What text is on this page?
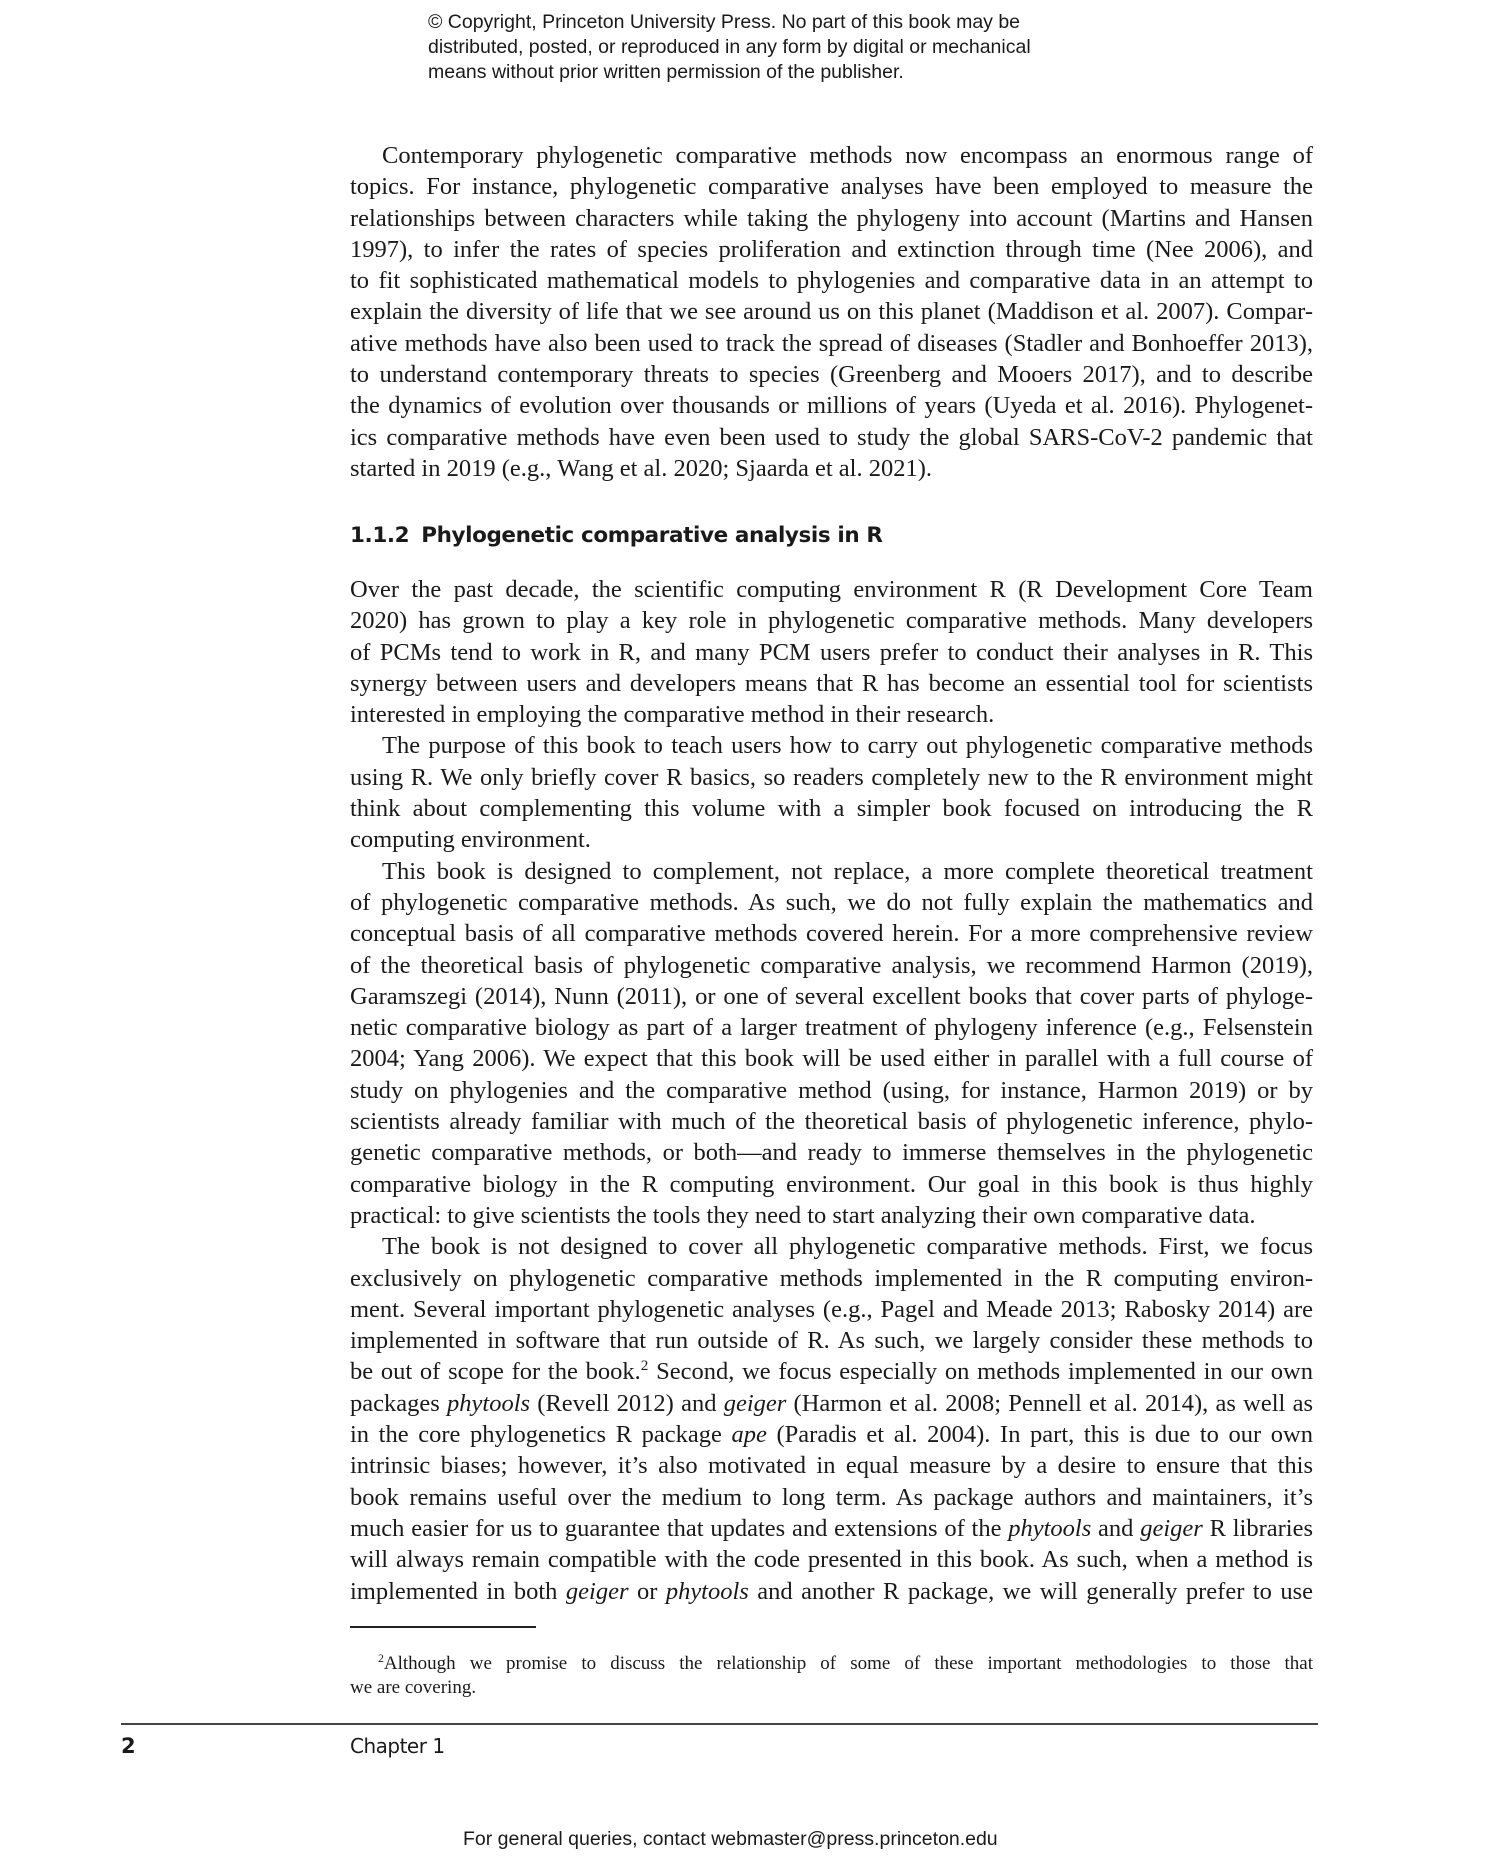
© Copyright, Princeton University Press. No part of this book may be
distributed, posted, or reproduced in any form by digital or mechanical
means without prior written permission of the publisher.
Contemporary phylogenetic comparative methods now encompass an enormous range of
topics. For instance, phylogenetic comparative analyses have been employed to measure the
relationships between characters while taking the phylogeny into account (Martins and Hansen
1997), to infer the rates of species proliferation and extinction through time (Nee 2006), and
to fit sophisticated mathematical models to phylogenies and comparative data in an attempt to
explain the diversity of life that we see around us on this planet (Maddison et al. 2007). Compar-
ative methods have also been used to track the spread of diseases (Stadler and Bonhoeffer 2013),
to understand contemporary threats to species (Greenberg and Mooers 2017), and to describe
the dynamics of evolution over thousands or millions of years (Uyeda et al. 2016). Phylogenet-
ics comparative methods have even been used to study the global SARS-CoV-2 pandemic that
started in 2019 (e.g., Wang et al. 2020; Sjaarda et al. 2021).
1.1.2 Phylogenetic comparative analysis in R
Over the past decade, the scientific computing environment R (R Development Core Team
2020) has grown to play a key role in phylogenetic comparative methods. Many developers
of PCMs tend to work in R, and many PCM users prefer to conduct their analyses in R. This
synergy between users and developers means that R has become an essential tool for scientists
interested in employing the comparative method in their research.
The purpose of this book to teach users how to carry out phylogenetic comparative methods
using R. We only briefly cover R basics, so readers completely new to the R environment might
think about complementing this volume with a simpler book focused on introducing the R
computing environment.
This book is designed to complement, not replace, a more complete theoretical treatment
of phylogenetic comparative methods. As such, we do not fully explain the mathematics and
conceptual basis of all comparative methods covered herein. For a more comprehensive review
of the theoretical basis of phylogenetic comparative analysis, we recommend Harmon (2019),
Garamszegi (2014), Nunn (2011), or one of several excellent books that cover parts of phyloge-
netic comparative biology as part of a larger treatment of phylogeny inference (e.g., Felsenstein
2004; Yang 2006). We expect that this book will be used either in parallel with a full course of
study on phylogenies and the comparative method (using, for instance, Harmon 2019) or by
scientists already familiar with much of the theoretical basis of phylogenetic inference, phylo-
genetic comparative methods, or both—and ready to immerse themselves in the phylogenetic
comparative biology in the R computing environment. Our goal in this book is thus highly
practical: to give scientists the tools they need to start analyzing their own comparative data.
The book is not designed to cover all phylogenetic comparative methods. First, we focus
exclusively on phylogenetic comparative methods implemented in the R computing environ-
ment. Several important phylogenetic analyses (e.g., Pagel and Meade 2013; Rabosky 2014) are
implemented in software that run outside of R. As such, we largely consider these methods to
be out of scope for the book.$^2$ Second, we focus especially on methods implemented in our own
packages phytools (Revell 2012) and geiger (Harmon et al. 2008; Pennell et al. 2014), as well as
in the core phylogenetics R package ape (Paradis et al. 2004). In part, this is due to our own
intrinsic biases; however, it’s also motivated in equal measure by a desire to ensure that this
book remains useful over the medium to long term. As package authors and maintainers, it’s
much easier for us to guarantee that updates and extensions of the phytools and geiger R libraries
will always remain compatible with the code presented in this book. As such, when a method is
implemented in both geiger or phytools and another R package, we will generally prefer to use
$^2$Although we promise to discuss the relationship of some of these important methodologies to those that
we are covering.
2	Chapter 1
For general queries, contact webmaster@press.princeton.edu
